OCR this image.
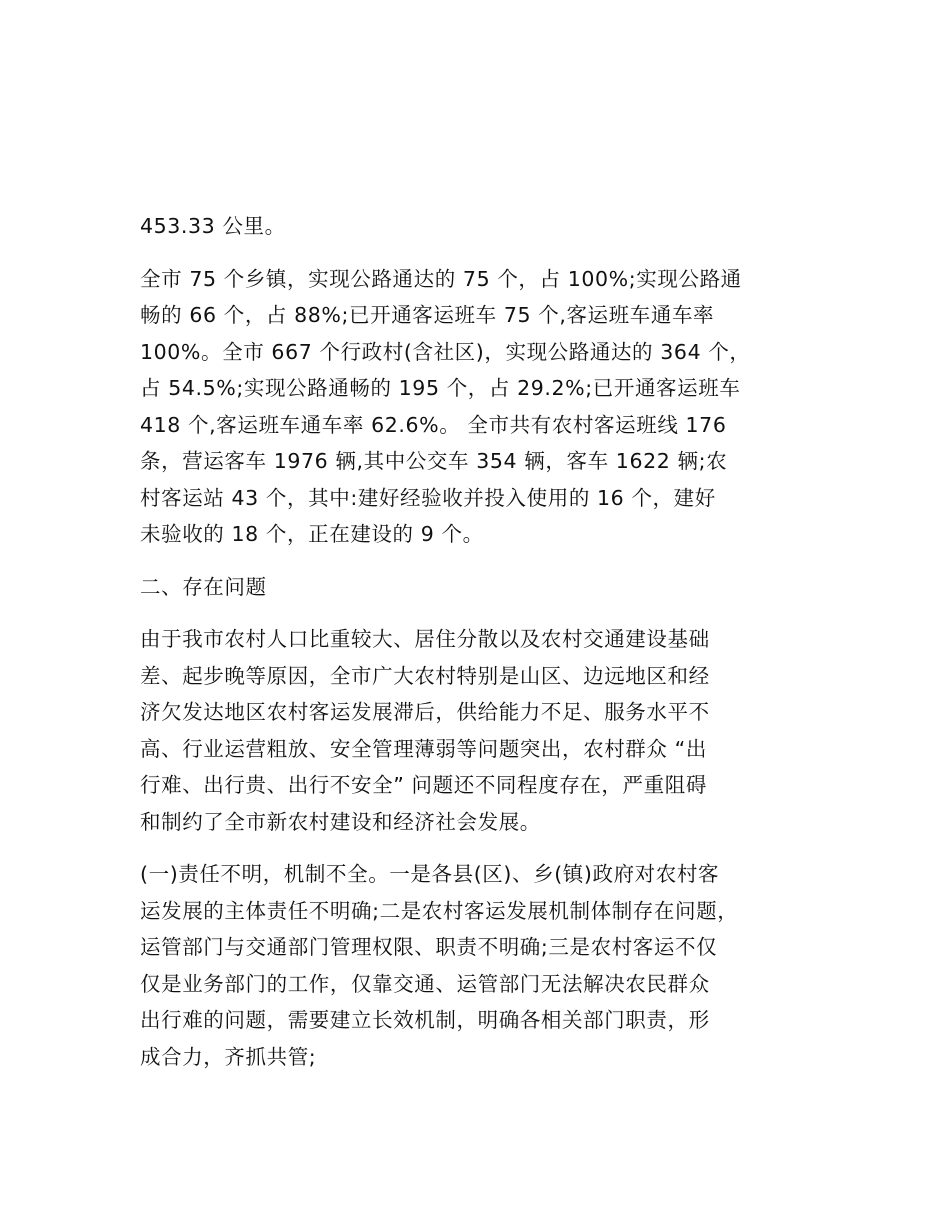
453.33 公里。
全市 75 个乡镇，实现公路通达的 75 个，占 100%;实现公路通
畅的 66 个，占 88%;已开通客运班车 75 个,客运班车通车率
100%。全市 667 个行政村(含社区)，实现公路通达的 364 个，
占 54.5%;实现公路通畅的 195 个，占 29.2%;已开通客运班车
418 个,客运班车通车率 62.6%。 全市共有农村客运班线 176
条，营运客车 1976 辆,其中公交车 354 辆，客车 1622 辆;农
村客运站 43 个，其中:建好经验收并投入使用的 16 个，建好
未验收的 18 个，正在建设的 9 个。
二、存在问题
由于我市农村人口比重较大、居住分散以及农村交通建设基础
差、起步晚等原因，全市广大农村特别是山区、边远地区和经
济欠发达地区农村客运发展滞后，供给能力不足、服务水平不
高、行业运营粗放、安全管理薄弱等问题突出，农村群众 “出
行难、出行贵、出行不安全” 问题还不同程度存在，严重阻碍
和制约了全市新农村建设和经济社会发展。
(一)责任不明，机制不全。一是各县(区)、乡(镇)政府对农村客
运发展的主体责任不明确;二是农村客运发展机制体制存在问题，
运管部门与交通部门管理权限、职责不明确;三是农村客运不仅
仅是业务部门的工作，仅靠交通、运管部门无法解决农民群众
出行难的问题，需要建立长效机制，明确各相关部门职责，形
成合力，齐抓共管;
